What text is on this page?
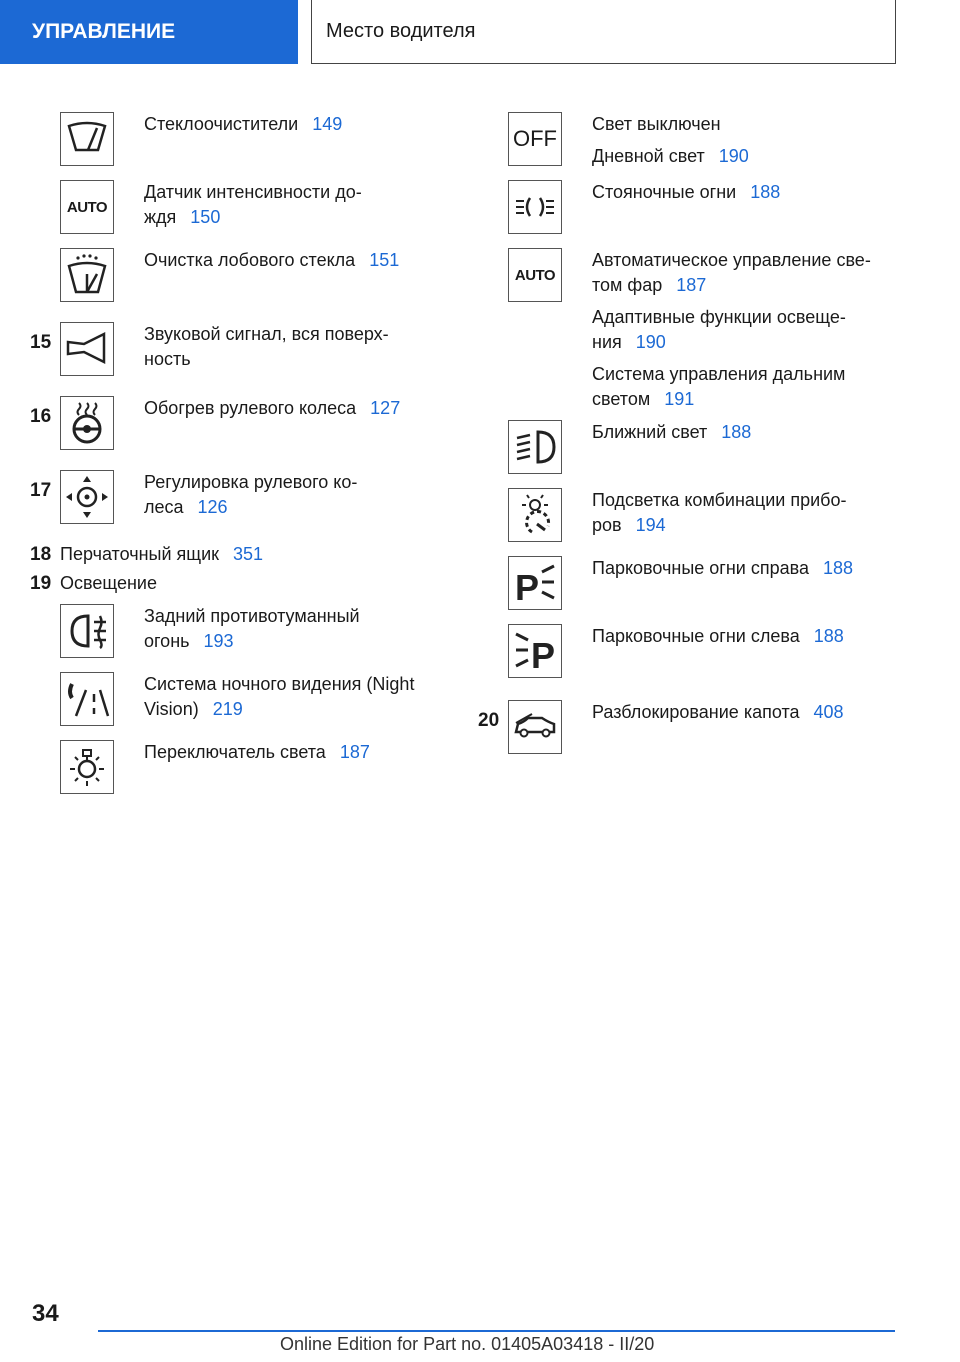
УПРАВЛЕНИЕ	Место водителя
Стеклоочистители 149
AUTO
Датчик интенсивности до-
ждя 150
Очистка лобового стекла 151
15	Звуковой сигнал, вся поверх-
ность
16	Обогрев рулевого колеса 127
17	Регулировка рулевого ко-
леса 126
18 Перчаточный ящик 351
19 Освещение
Задний противотуманный
огонь 193
Система ночного видения (Night
Vision) 219
Переключатель света 187
OFF
Свет выключен
Дневной свет 190
Стояночные огни 188
AUTO
Автоматическое управление све-
том фар 187
Адаптивные функции освеще-
ния 190
Система управления дальним
светом 191
Ближний свет 188
Подсветка комбинации прибо-
ров 194
P	Парковочные огни справа 188
P Парковочные огни слева 188
20	Разблокирование капота 408
34
Online Edition for Part no. 01405A03418 - II/20
